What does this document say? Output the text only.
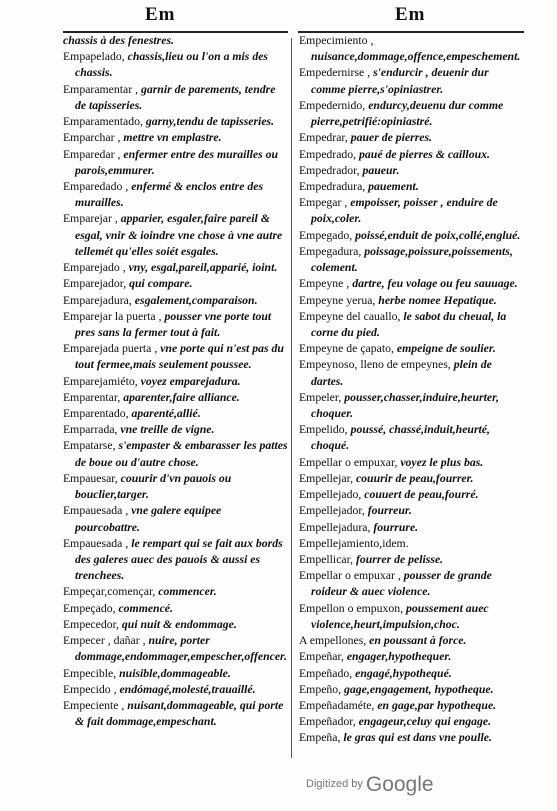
Em	Em

chassis à des fenestres.

Empapelado, chassis,lieu ou l'on a mis des chassis.

Emparamentar , garnir de parements, tendre de tapisseries.

Emparamentado, garny,tendu de tapisseries.

Emparchar , mettre vn emplastre.

Emparedar , enfermer entre des murailles ou parois,emmurer.

Emparedado , enfermé & enclos entre des murailles.

Emparejar , apparier, esgaler,faire pareil & esgal, vnir & ioindre vne chose à vne autre tellemét qu'elles soiét esgales.

Emparejado , vny, esgal,pareil,apparié, ioint.

Emparejador, qui compare.

Emparejadura, esgalement,comparaison.

Emparejar la puerta , pousser vne porte tout pres sans la fermer tout à fait.

Emparejada puerta , vne porte qui n'est pas du tout fermee,mais seulement poussee.

Emparejamiéto, voyez emparejadura.

Emparentar, aparenter,faire alliance.

Emparentado, aparenté,allié.

Emparrada, vne treille de vigne.

Empatarse, s'empaster & embarasser les pattes de boue ou d'autre chose.

Empauesar, couurir d'vn pauois ou bouclier,targer.

Empauesada , vne galere equipee pourcobattre.

Empauesada , le rempart qui se fait aux bords des galeres auec des pauois & aussi es trenchees.

Empeçar,començar, commencer.

Empeçado, commencé.

Empecedor, qui nuit & endommage.

Empecer , dañar , nuire, porter dommage,endommager,empescher,offencer.

Empecible, nuisible,dommageable.

Empecido , endómagé,molesté,trauaillé.

Empeciente , nuisant,dommageable, qui porte & fait dommage,empeschant.

Empecimiento , nuisance,dommage,offence,empeschement.

Empedernirse , s'endurcir , deuenir dur comme pierre,s'opiniastrer.

Empedernido, endurcy,deuenu dur comme pierre,petrifié:opiniastré.

Empedrar, pauer de pierres.

Empedrado, paué de pierres & cailloux.

Empedrador, paueur.

Empedradura, pauement.

Empegar , empoisser, poisser , enduire de poix,coler.

Empegado, poissé,enduit de poix,collé,englué.

Empegadura, poissage,poissure,poissements, colement.

Empeyne , dartre, feu volage ou feu sauuage.

Empeyne yerua, herbe nomee Hepatique.

Empeyne del cauallo, le sabot du cheual, la corne du pied.

Empeyne de çapato, empeigne de soulier.

Empeynoso, lleno de empeynes, plein de dartes.

Empeler, pousser,chasser,induire,heurter, choquer.

Empelido, poussé, chassé,induit,heurté, choqué.

Empellar o empuxar, voyez le plus bas.

Empellejar, couurir de peau,fourrer.

Empellejado, couuert de peau,fourré.

Empellejador, fourreur.

Empellejadura, fourrure.

Empellejamiento,idem.

Empellicar, fourrer de pelisse.

Empellar o empuxar , pousser de grande roideur & auec violence.

Empellon o empuxon, poussement auec violence,heurt,impulsion,choc.

A empellones, en poussant à force.

Empeñar, engager,hypothequer.

Empeñado, engagé,hypothequé.

Empeño, gage,engagement, hypotheque.

Empeñadaméte, en gage,par hypotheque.

Empeñador, engageur,celuy qui engage.

Empeña, le gras qui est dans vne poulle.

$^{Digitized by}$ Google
